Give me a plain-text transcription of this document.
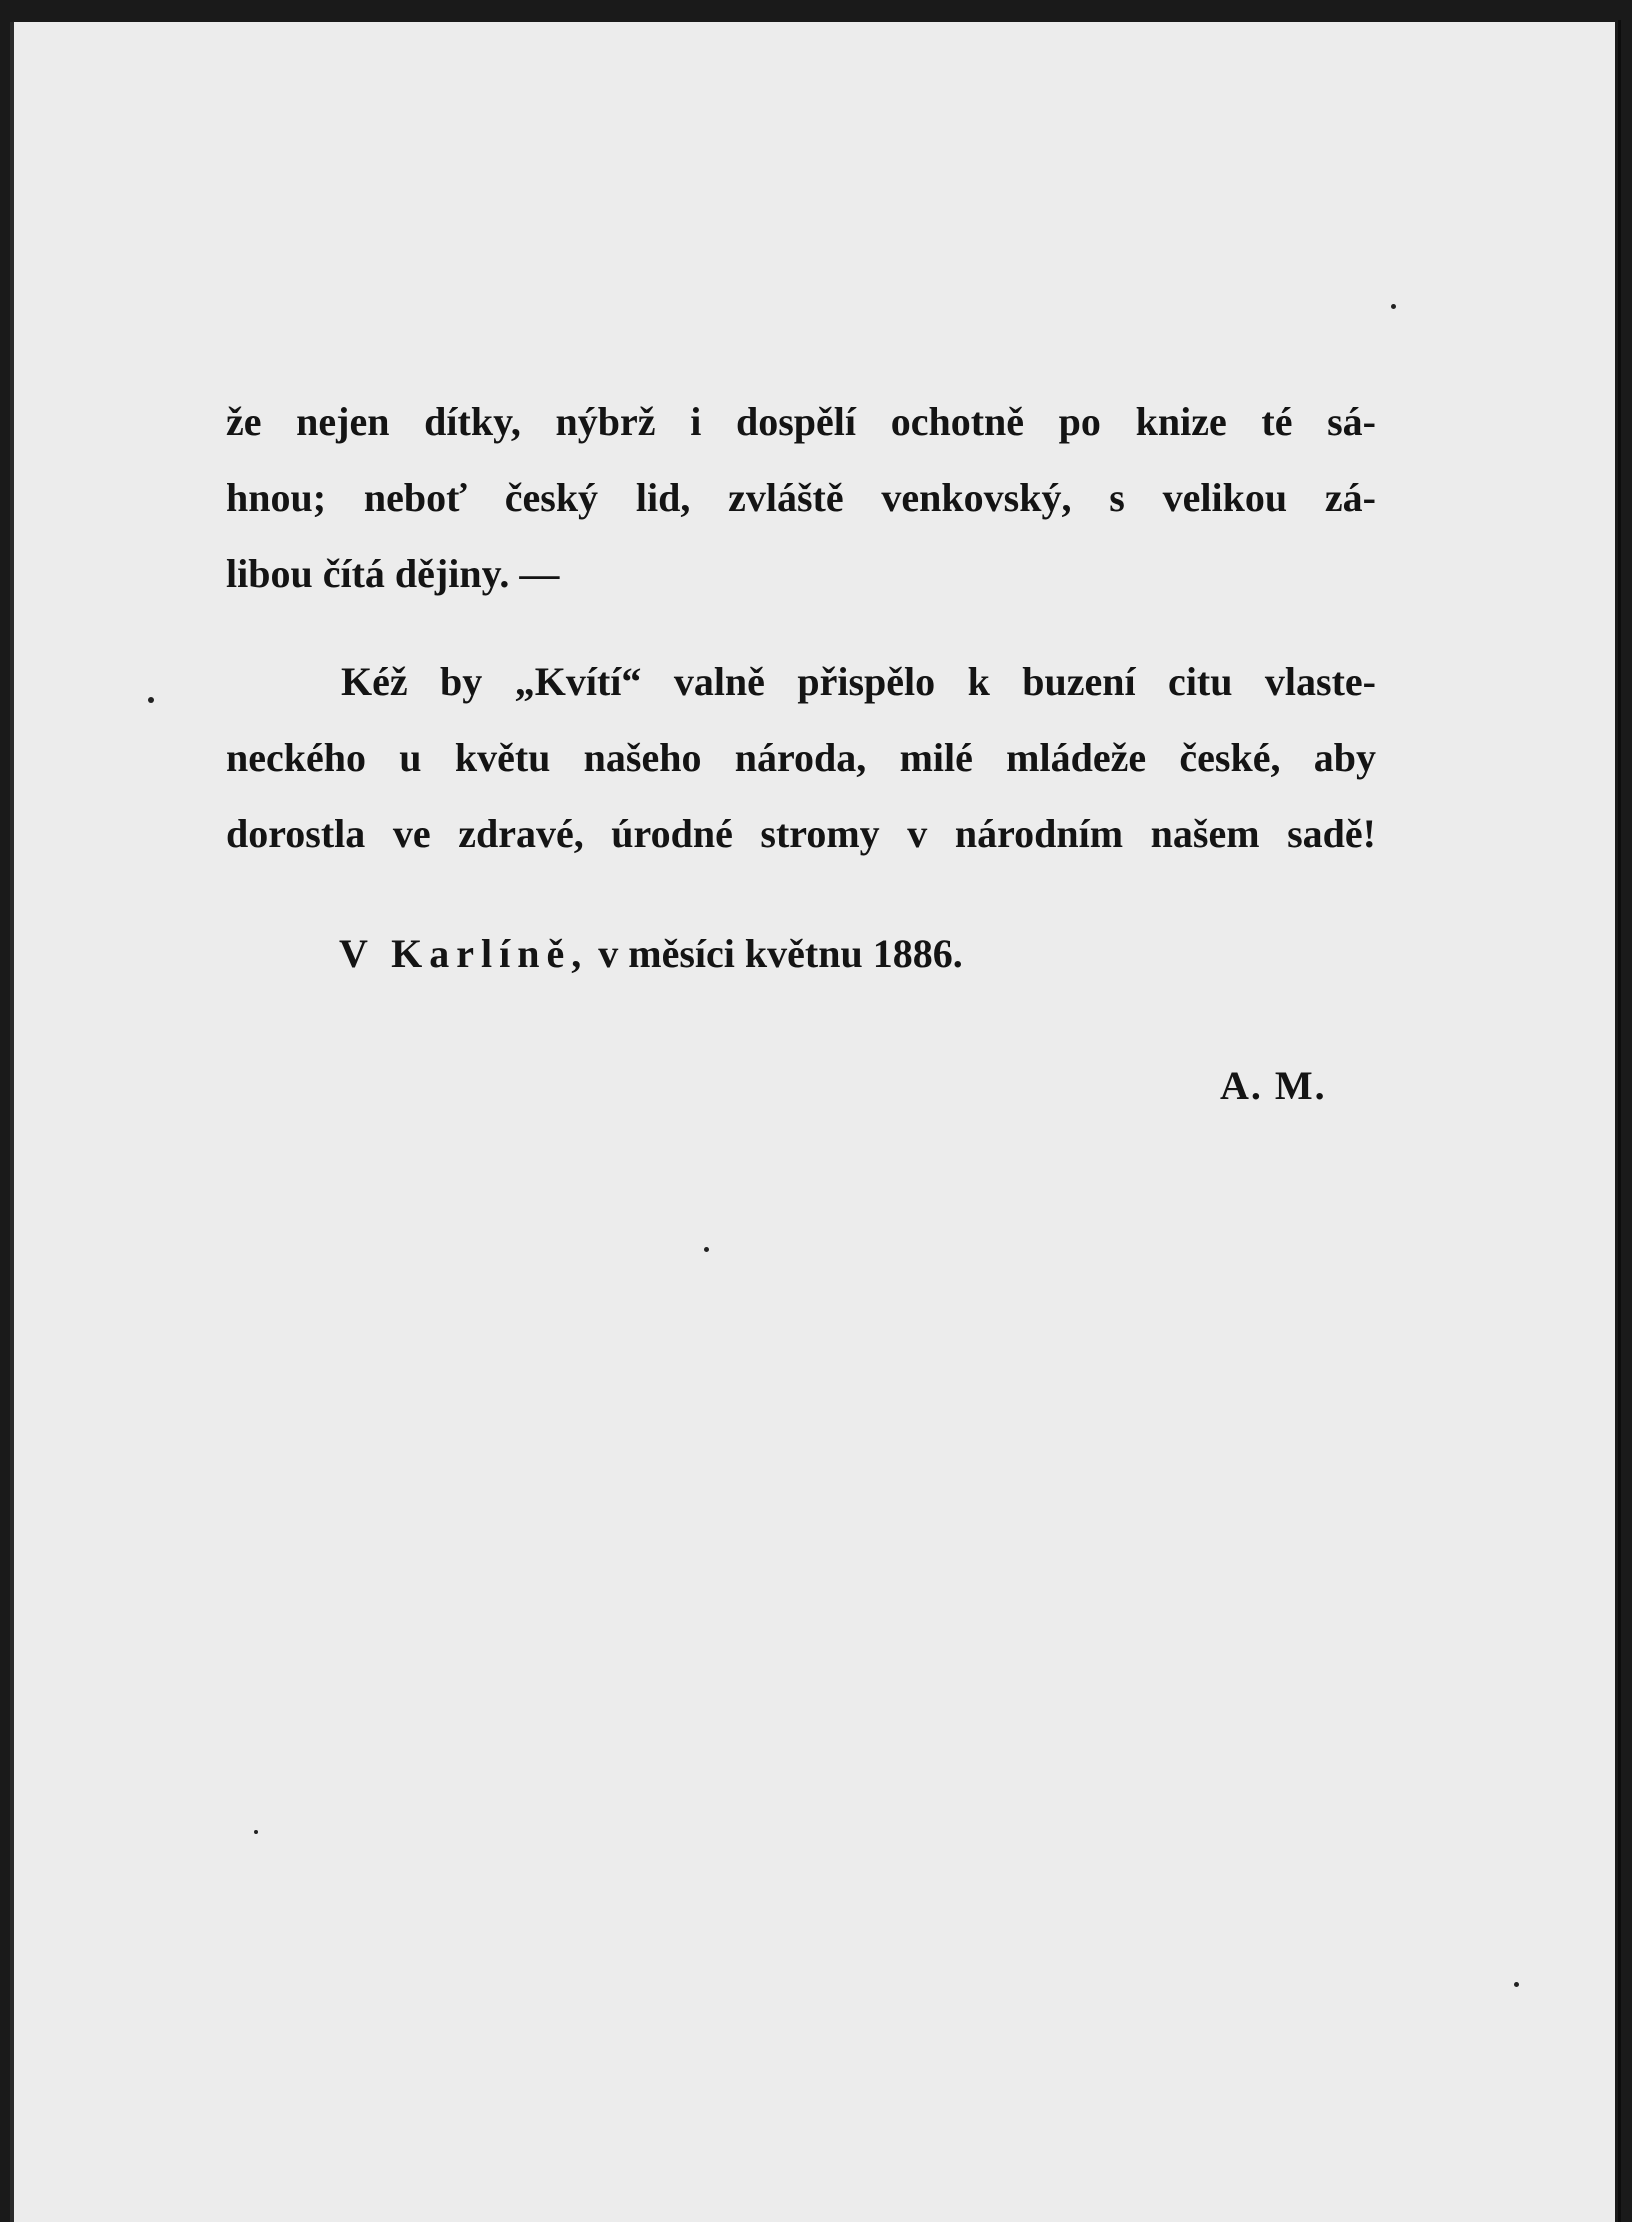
že nejen dítky, nýbrž i dospělí ochotně po knize té sá-
hnou; neboť český lid, zvláště venkovský, s velikou zá-
libou čítá dějiny. —
Kéž by „Kvítí“ valně přispělo k buzení citu vlaste-
neckého u květu našeho národa, milé mládeže české, aby
dorostla ve zdravé, úrodné stromy v národním našem sadě!
V Karlíně, v měsíci květnu 1886.
A. M.
